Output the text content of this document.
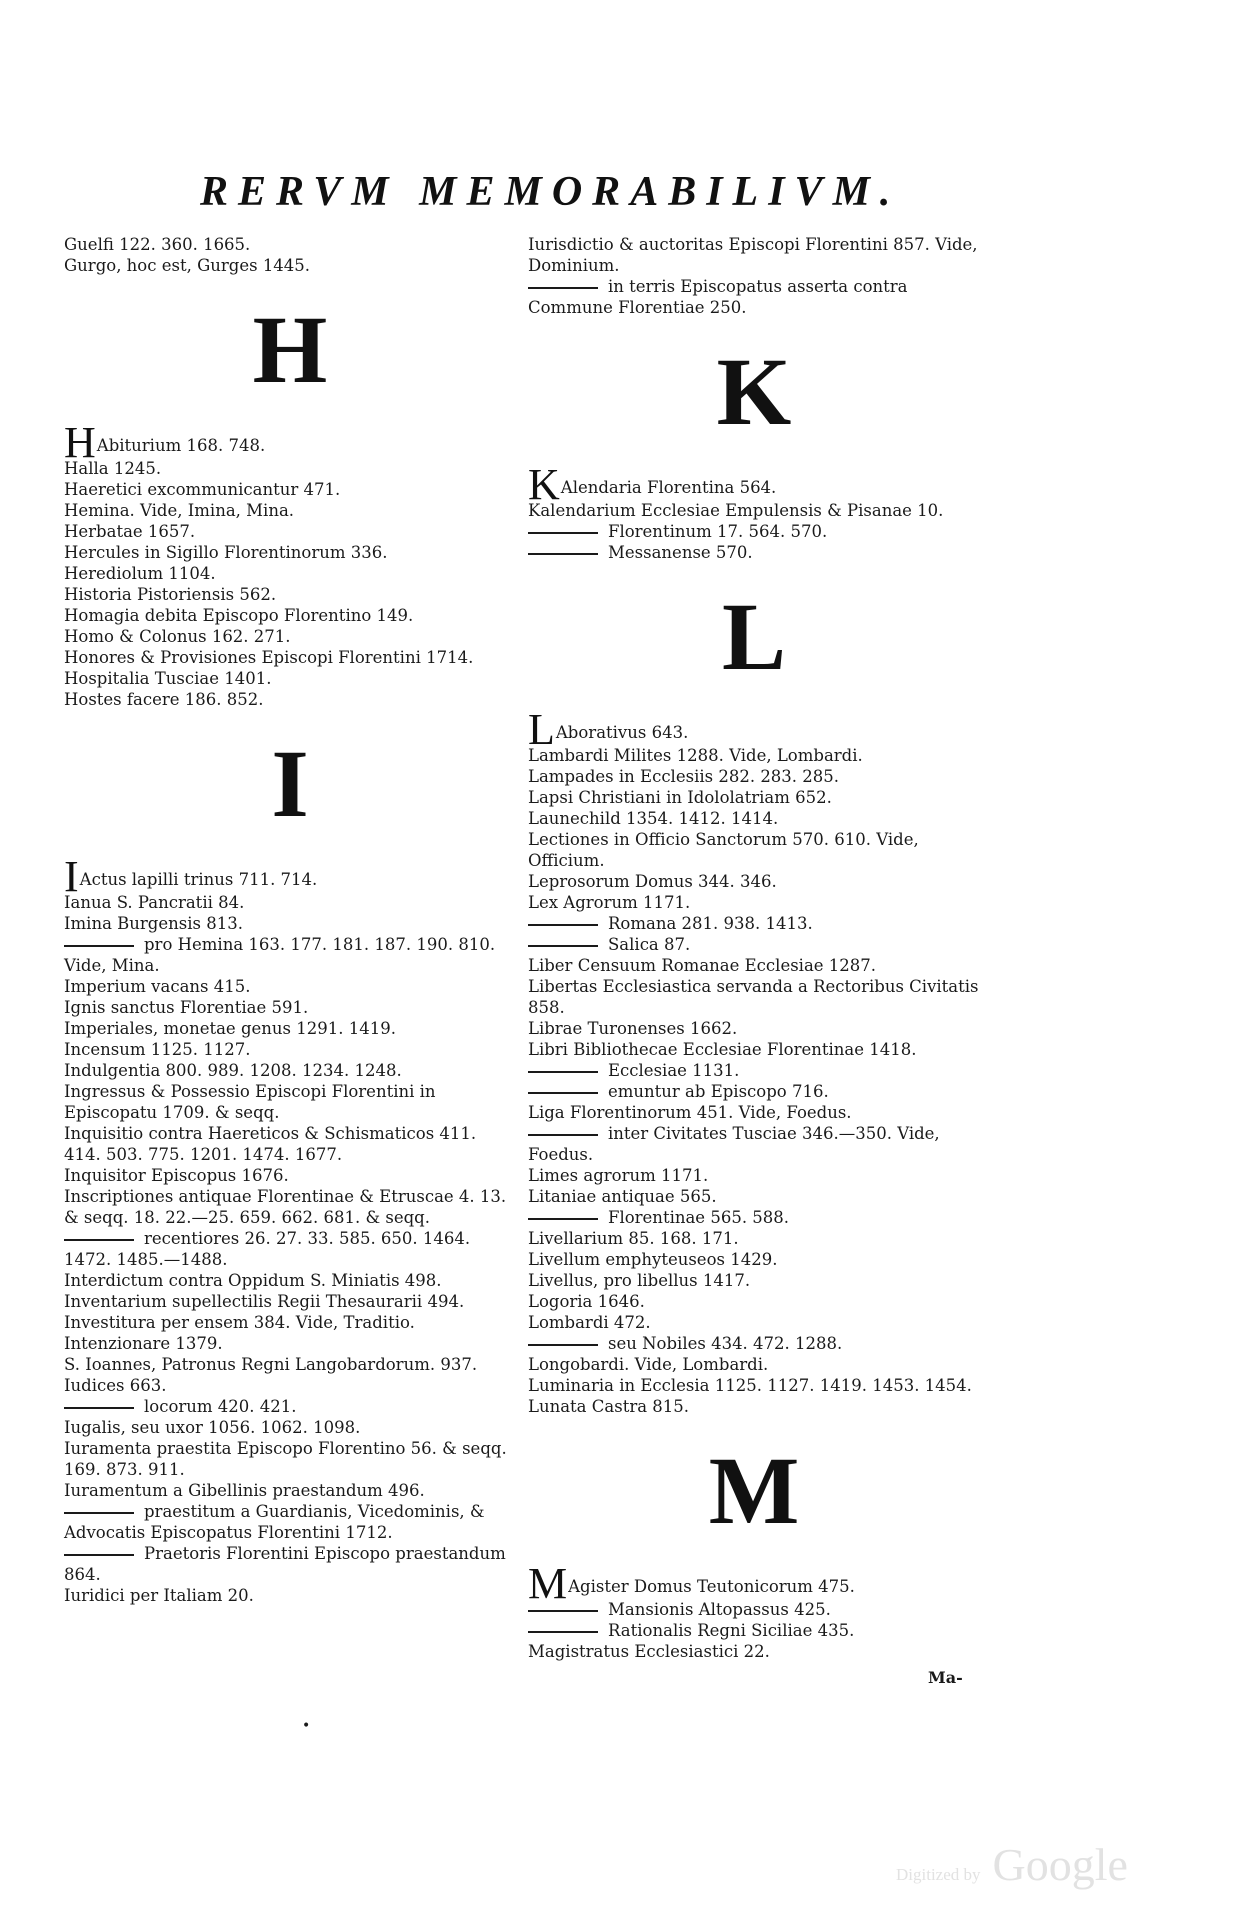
RERVM MEMORABILIVM.
Guelfi 122. 360. 1665.
Gurgo, hoc est, Gurges 1445.
H
HAbiturium 168. 748.
Halla 1245.
Haeretici excommunicantur 471.
Hemina. Vide, Imina, Mina.
Herbatae 1657.
Hercules in Sigillo Florentinorum 336.
Herediolum 1104.
Historia Pistoriensis 562.
Homagia debita Episcopo Florentino 149.
Homo & Colonus 162. 271.
Honores & Provisiones Episcopi Florentini 1714.
Hospitalia Tusciae 1401.
Hostes facere 186. 852.
I
IActus lapilli trinus 711. 714.
Ianua S. Pancratii 84.
Imina Burgensis 813.
pro Hemina 163. 177. 181. 187. 190. 810. Vide, Mina.
Imperium vacans 415.
Ignis sanctus Florentiae 591.
Imperiales, monetae genus 1291. 1419.
Incensum 1125. 1127.
Indulgentia 800. 989. 1208. 1234. 1248.
Ingressus & Possessio Episcopi Florentini in Episcopatu 1709. & seqq.
Inquisitio contra Haereticos & Schismaticos 411. 414. 503. 775. 1201. 1474. 1677.
Inquisitor Episcopus 1676.
Inscriptiones antiquae Florentinae & Etruscae 4. 13. & seqq. 18. 22.—25. 659. 662. 681. & seqq.
recentiores 26. 27. 33. 585. 650. 1464. 1472. 1485.—1488.
Interdictum contra Oppidum S. Miniatis 498.
Inventarium supellectilis Regii Thesaurarii 494.
Investitura per ensem 384. Vide, Traditio.
Intenzionare 1379.
S. Ioannes, Patronus Regni Langobardorum. 937.
Iudices 663.
locorum 420. 421.
Iugalis, seu uxor 1056. 1062. 1098.
Iuramenta praestita Episcopo Florentino 56. & seqq. 169. 873. 911.
Iuramentum a Gibellinis praestandum 496.
praestitum a Guardianis, Vicedominis, & Advocatis Episcopatus Florentini 1712.
Praetoris Florentini Episcopo praestandum 864.
Iuridici per Italiam 20.
Iurisdictio & auctoritas Episcopi Florentini 857. Vide, Dominium.
in terris Episcopatus asserta contra Commune Florentiae 250.
K
KAlendaria Florentina 564.
Kalendarium Ecclesiae Empulensis & Pisanae 10.
Florentinum 17. 564. 570.
Messanense 570.
L
LAborativus 643.
Lambardi Milites 1288. Vide, Lombardi.
Lampades in Ecclesiis 282. 283. 285.
Lapsi Christiani in Idololatriam 652.
Launechild 1354. 1412. 1414.
Lectiones in Officio Sanctorum 570. 610. Vide, Officium.
Leprosorum Domus 344. 346.
Lex Agrorum 1171.
Romana 281. 938. 1413.
Salica 87.
Liber Censuum Romanae Ecclesiae 1287.
Libertas Ecclesiastica servanda a Rectoribus Civitatis 858.
Librae Turonenses 1662.
Libri Bibliothecae Ecclesiae Florentinae 1418.
Ecclesiae 1131.
emuntur ab Episcopo 716.
Liga Florentinorum 451. Vide, Foedus.
inter Civitates Tusciae 346.—350. Vide, Foedus.
Limes agrorum 1171.
Litaniae antiquae 565.
Florentinae 565. 588.
Livellarium 85. 168. 171.
Livellum emphyteuseos 1429.
Livellus, pro libellus 1417.
Logoria 1646.
Lombardi 472.
seu Nobiles 434. 472. 1288.
Longobardi. Vide, Lombardi.
Luminaria in Ecclesia 1125. 1127. 1419. 1453. 1454.
Lunata Castra 815.
M
MAgister Domus Teutonicorum 475.
Mansionis Altopassus 425.
Rationalis Regni Siciliae 435.
Magistratus Ecclesiastici 22.
Ma-
•
Digitized by Google
